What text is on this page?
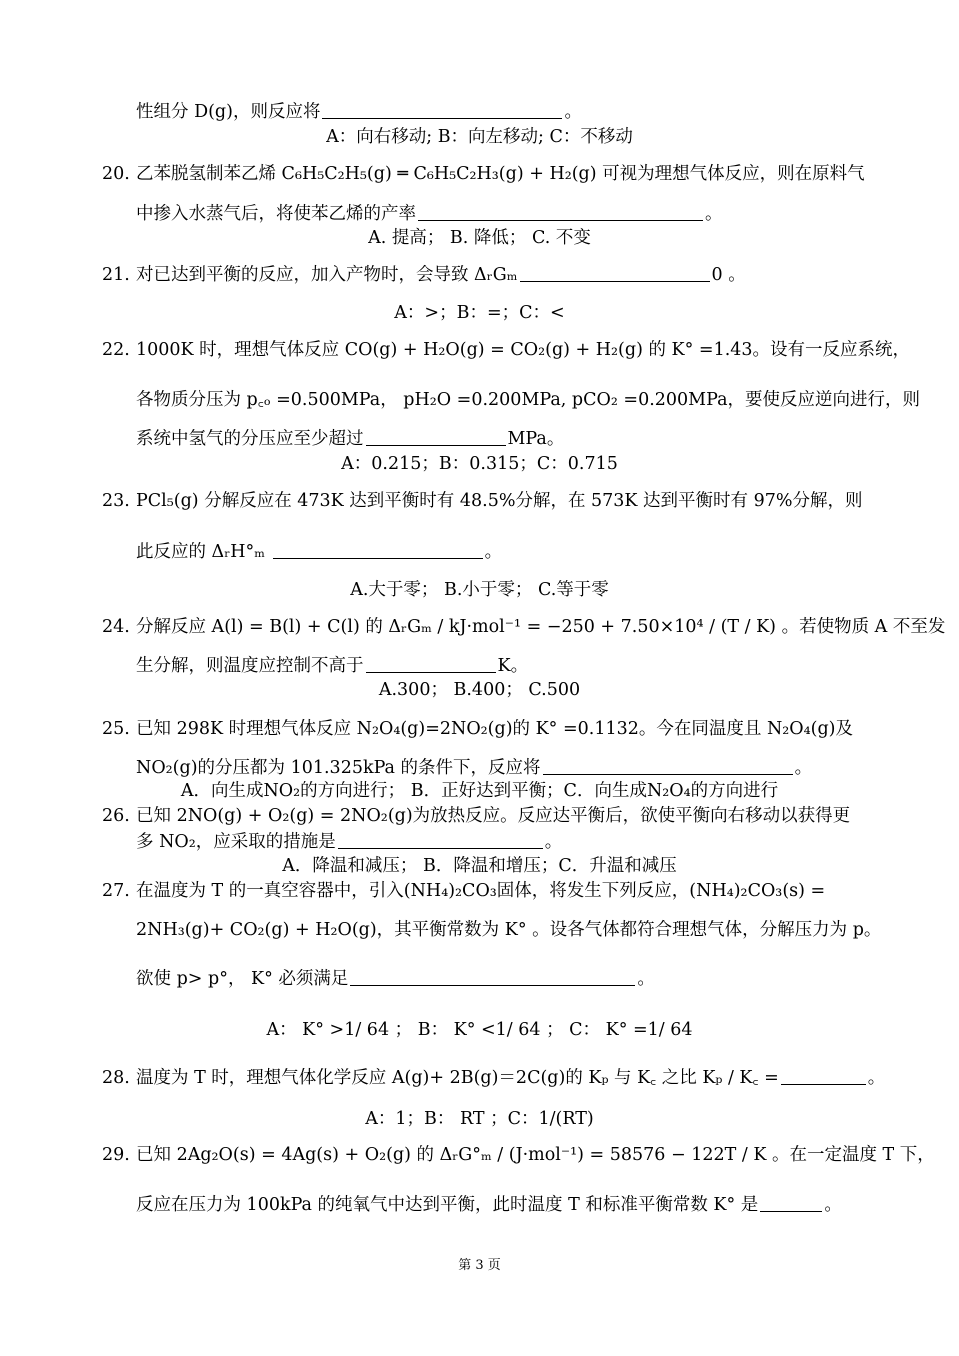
性组分 D(g)，则反应将	。
A：向右移动; B：向左移动; C：不移动
20. 乙苯脱氢制苯乙烯 C₆H₅C₂H₅(g) ═ C₆H₅C₂H₃(g) + H₂(g) 可视为理想气体反应，则在原料气
中掺入水蒸气后，将使苯乙烯的产率	。
A. 提高； B. 降低； C. 不变
21. 对已达到平衡的反应，加入产物时，会导致 ΔᵣGₘ	0 。
A：>；B：=；C：<
22. 1000K 时，理想气体反应 CO(g) + H₂O(g) = CO₂(g) + H₂(g) 的 K° =1.43。设有一反应系统，
各物质分压为 p꜀ₒ =0.500MPa， pH₂O =0.200MPa, pCO₂ =0.200MPa，要使反应逆向进行，则
系统中氢气的分压应至少超过	MPa。
A：0.215；B：0.315；C：0.715
23. PCl₅(g) 分解反应在 473K 达到平衡时有 48.5%分解，在 573K 达到平衡时有 97%分解，则
此反应的 ΔᵣH°ₘ	。
A.大于零； B.小于零； C.等于零
24. 分解反应 A(l) = B(l) + C(l) 的 ΔᵣGₘ / kJ·mol⁻¹ = −250 + 7.50×10⁴ / (T / K) 。若使物质 A 不至发
生分解，则温度应控制不高于	K。
A.300； B.400； C.500
25. 已知 298K 时理想气体反应 N₂O₄(g)=2NO₂(g)的 K° =0.1132。今在同温度且 N₂O₄(g)及
NO₂(g)的分压都为 101.325kPa 的条件下，反应将	。
A．向生成NO₂的方向进行； B．正好达到平衡；C．向生成N₂O₄的方向进行
26. 已知 2NO(g) + O₂(g) = 2NO₂(g)为放热反应。反应达平衡后，欲使平衡向右移动以获得更
多 NO₂，应采取的措施是	。
A．降温和减压； B．降温和增压；C．升温和减压
27. 在温度为 T 的一真空容器中，引入(NH₄)₂CO₃固体，将发生下列反应，(NH₄)₂CO₃(s) =
2NH₃(g)+ CO₂(g) + H₂O(g)，其平衡常数为 K° 。设各气体都符合理想气体，分解压力为 p。
欲使 p> p°， K° 必须满足	。
A： K° >1/ 64 ； B： K° <1/ 64 ； C： K° =1/ 64
28. 温度为 T 时，理想气体化学反应 A(g)+ 2B(g)＝2C(g)的 Kₚ 与 K꜀ 之比 Kₚ / K꜀ =	。
A：1；B： RT ；C：1/(RT)
29. 已知 2Ag₂O(s) = 4Ag(s) + O₂(g) 的 ΔᵣG°ₘ / (J·mol⁻¹) = 58576 − 122T / K 。在一定温度 T 下，
反应在压力为 100kPa 的纯氧气中达到平衡，此时温度 T 和标准平衡常数 K° 是	。
第 3 页
